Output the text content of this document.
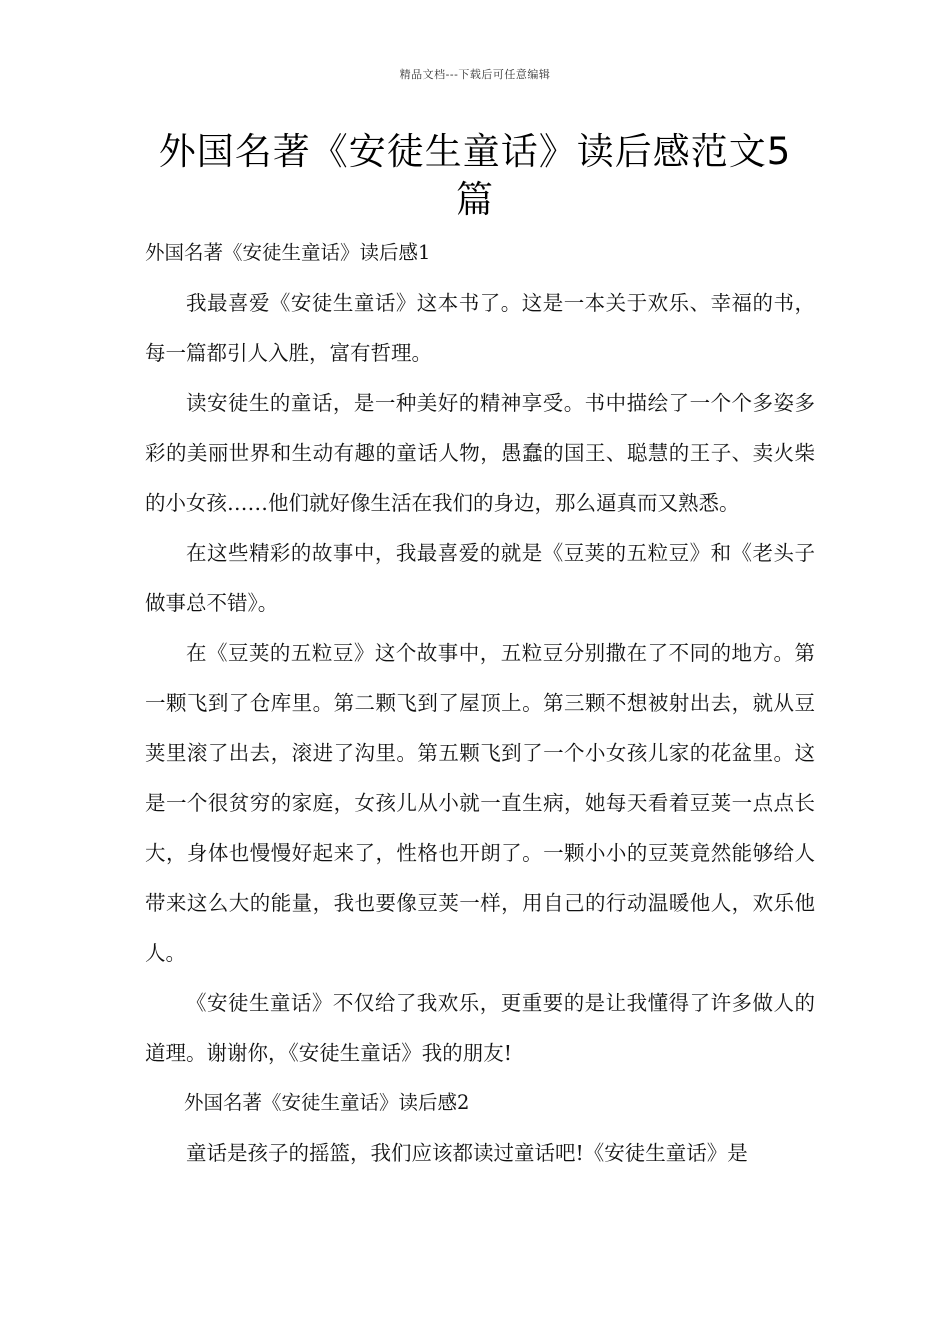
精品文档---下载后可任意编辑
外国名著《安徒生童话》读后感范文5篇

外国名著《安徒生童话》读后感1

我最喜爱《安徒生童话》这本书了。这是一本关于欢乐、幸福的书，每一篇都引人入胜，富有哲理。

读安徒生的童话，是一种美好的精神享受。书中描绘了一个个多姿多彩的美丽世界和生动有趣的童话人物，愚蠢的国王、聪慧的王子、卖火柴的小女孩……他们就好像生活在我们的身边，那么逼真而又熟悉。

在这些精彩的故事中，我最喜爱的就是《豆荚的五粒豆》和《老头子做事总不错》。

在《豆荚的五粒豆》这个故事中，五粒豆分别撒在了不同的地方。第一颗飞到了仓库里。第二颗飞到了屋顶上。第三颗不想被射出去，就从豆荚里滚了出去，滚进了沟里。第五颗飞到了一个小女孩儿家的花盆里。这是一个很贫穷的家庭，女孩儿从小就一直生病，她每天看着豆荚一点点长大，身体也慢慢好起来了，性格也开朗了。一颗小小的豆荚竟然能够给人带来这么大的能量，我也要像豆荚一样，用自己的行动温暖他人，欢乐他人。

《安徒生童话》不仅给了我欢乐，更重要的是让我懂得了许多做人的道理。谢谢你，《安徒生童话》我的朋友!

外国名著《安徒生童话》读后感2

童话是孩子的摇篮，我们应该都读过童话吧!《安徒生童话》是
